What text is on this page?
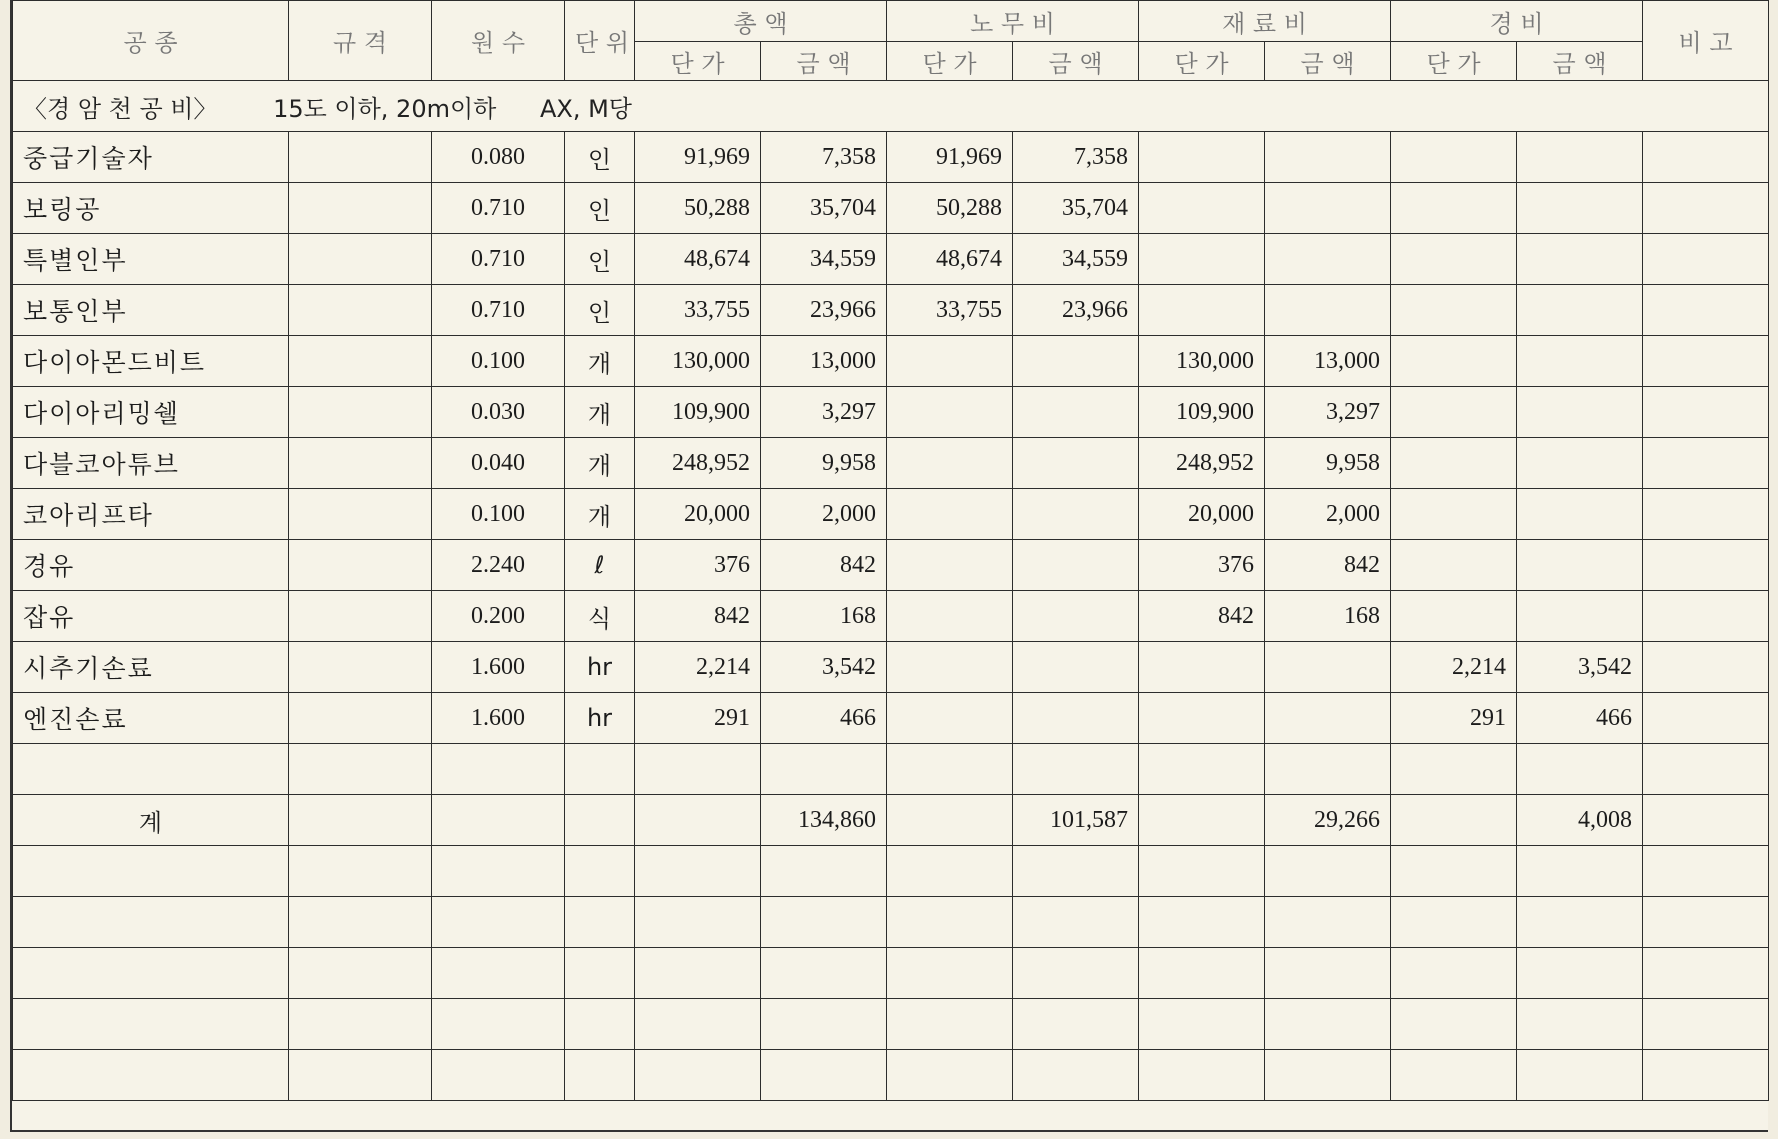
공 종	규 격	원 수	단 위	총 액		노 무 비		재 료 비		경 비		비 고
				단 가	금 액	단 가	금 액	단 가	금 액	단 가	금 액	
〈경 암 천 공 비〉 15도 이하, 20m이하 AX, M당												

중급기술자		0.080	인	91,969	7,358	91,969	7,358					

보링공		0.710	인	50,288	35,704	50,288	35,704					

특별인부		0.710	인	48,674	34,559	48,674	34,559					

보통인부		0.710	인	33,755	23,966	33,755	23,966					

다이아몬드비트		0.100	개	130,000	13,000			130,000	13,000			

다이아리밍쉘		0.030	개	109,900	3,297			109,900	3,297			

다블코아튜브		0.040	개	248,952	9,958			248,952	9,958			

코아리프타		0.100	개	20,000	2,000			20,000	2,000			

경유		2.240	ℓ	376	842			376	842			

잡유		0.200	식	842	168			842	168			

시추기손료		1.600	hr	2,214	3,542					2,214	3,542	

엔진손료		1.600	hr	291	466					291	466	

계					134,860		101,587		29,266		4,008	
